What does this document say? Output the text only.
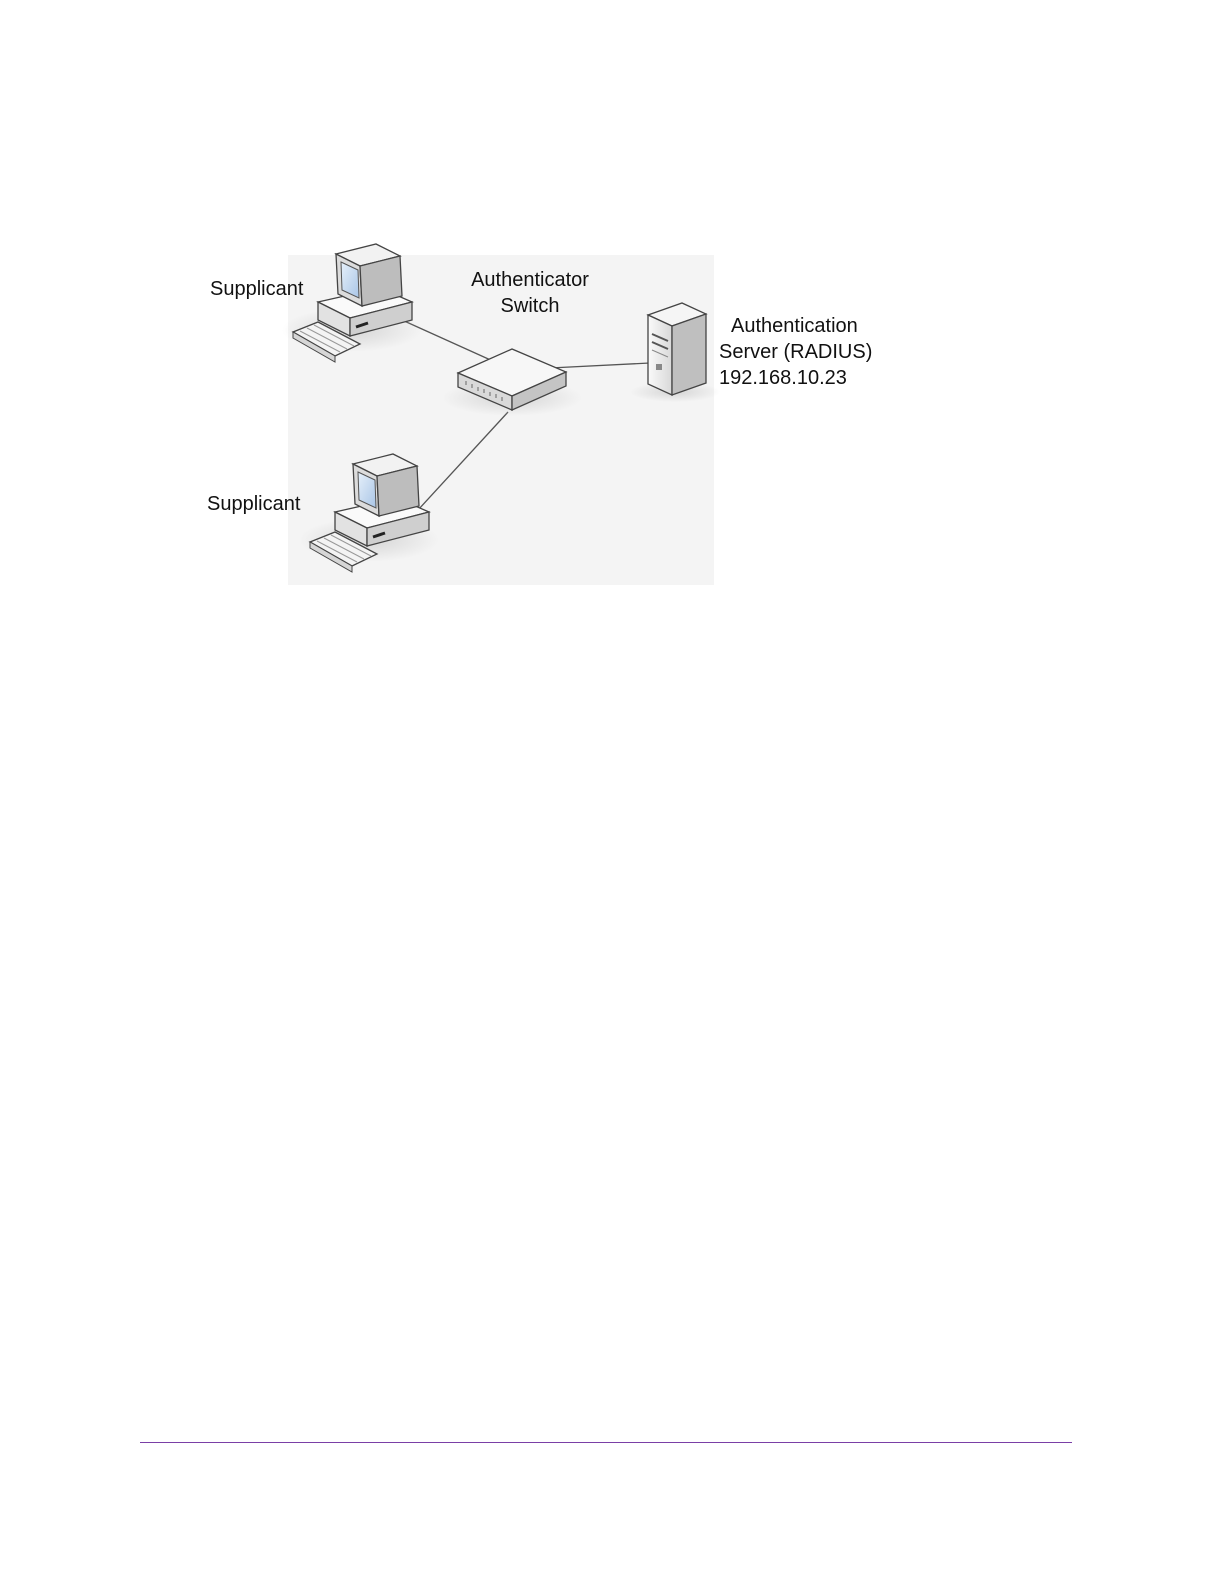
Supplicant	Authenticator
Switch
Authentication
Server (RADIUS)
192.168.10.23
Supplicant
